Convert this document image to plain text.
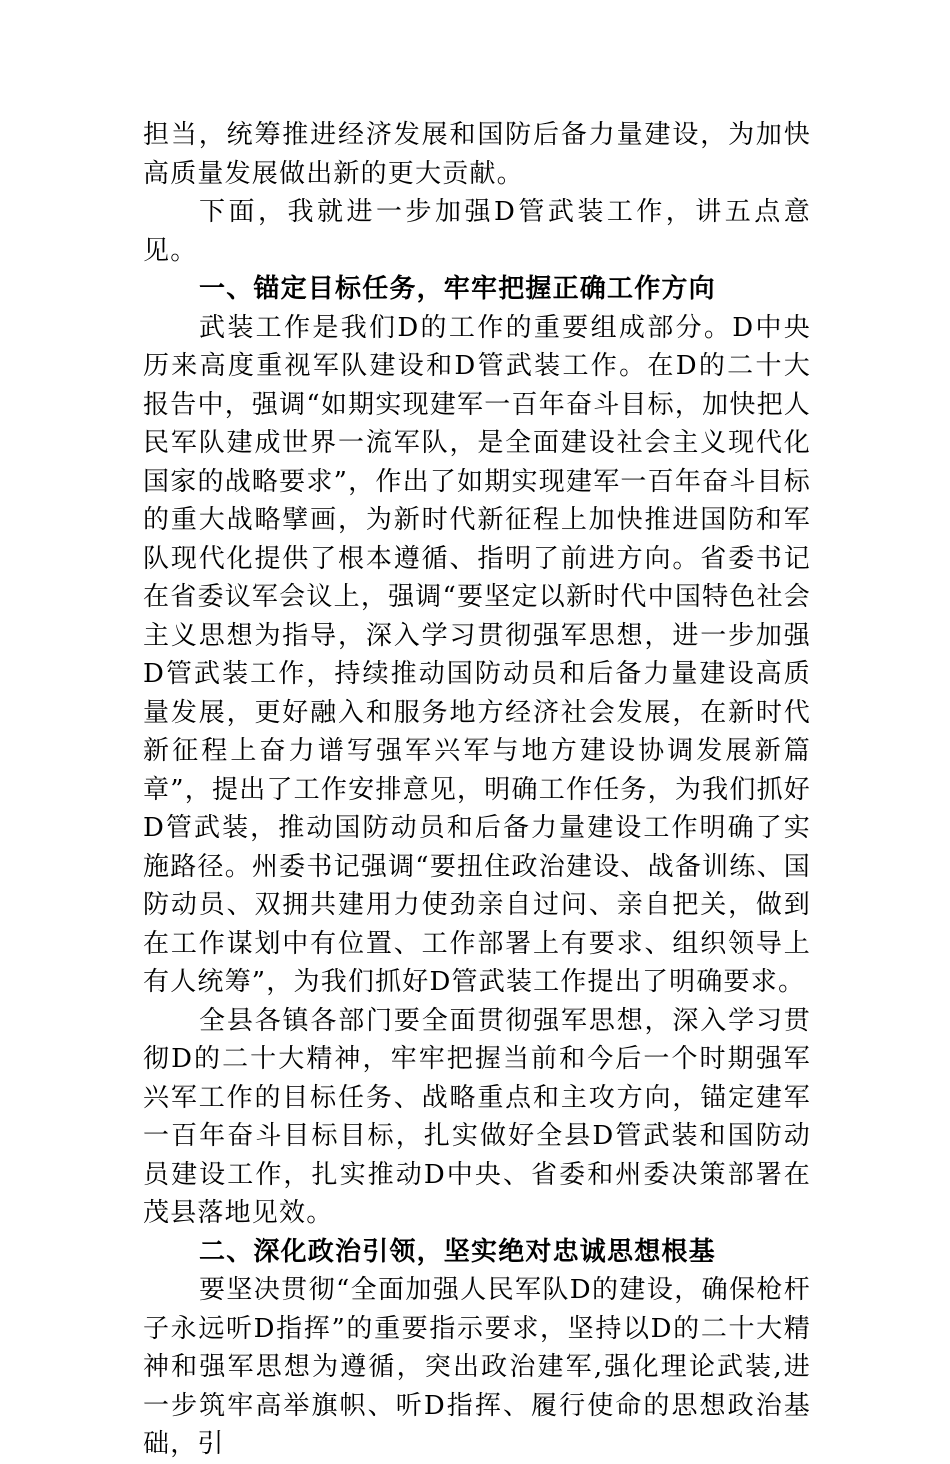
担当，统筹推进经济发展和国防后备力量建设，为加快高质量发展做出新的更大贡献。

下面，我就进一步加强D管武装工作，讲五点意见。

一、锚定目标任务，牢牢把握正确工作方向

武装工作是我们D的工作的重要组成部分。D中央历来高度重视军队建设和D管武装工作。在D的二十大报告中，强调“如期实现建军一百年奋斗目标，加快把人民军队建成世界一流军队，是全面建设社会主义现代化国家的战略要求”，作出了如期实现建军一百年奋斗目标的重大战略擘画，为新时代新征程上加快推进国防和军队现代化提供了根本遵循、指明了前进方向。省委书记在省委议军会议上，强调“要坚定以新时代中国特色社会主义思想为指导，深入学习贯彻强军思想，进一步加强D管武装工作，持续推动国防动员和后备力量建设高质量发展，更好融入和服务地方经济社会发展，在新时代新征程上奋力谱写强军兴军与地方建设协调发展新篇章”，提出了工作安排意见，明确工作任务，为我们抓好D管武装，推动国防动员和后备力量建设工作明确了实施路径。州委书记强调“要扭住政治建设、战备训练、国防动员、双拥共建用力使劲亲自过问、亲自把关，做到在工作谋划中有位置、工作部署上有要求、组织领导上有人统筹”，为我们抓好D管武装工作提出了明确要求。

全县各镇各部门要全面贯彻强军思想，深入学习贯彻D的二十大精神，牢牢把握当前和今后一个时期强军兴军工作的目标任务、战略重点和主攻方向，锚定建军一百年奋斗目标目标，扎实做好全县D管武装和国防动员建设工作，扎实推动D中央、省委和州委决策部署在茂县落地见效。

二、深化政治引领，坚实绝对忠诚思想根基

要坚决贯彻“全面加强人民军队D的建设，确保枪杆子永远听D指挥”的重要指示要求，坚持以D的二十大精神和强军思想为遵循，突出政治建军,强化理论武装,进一步筑牢高举旗帜、听D指挥、履行使命的思想政治基础，引
